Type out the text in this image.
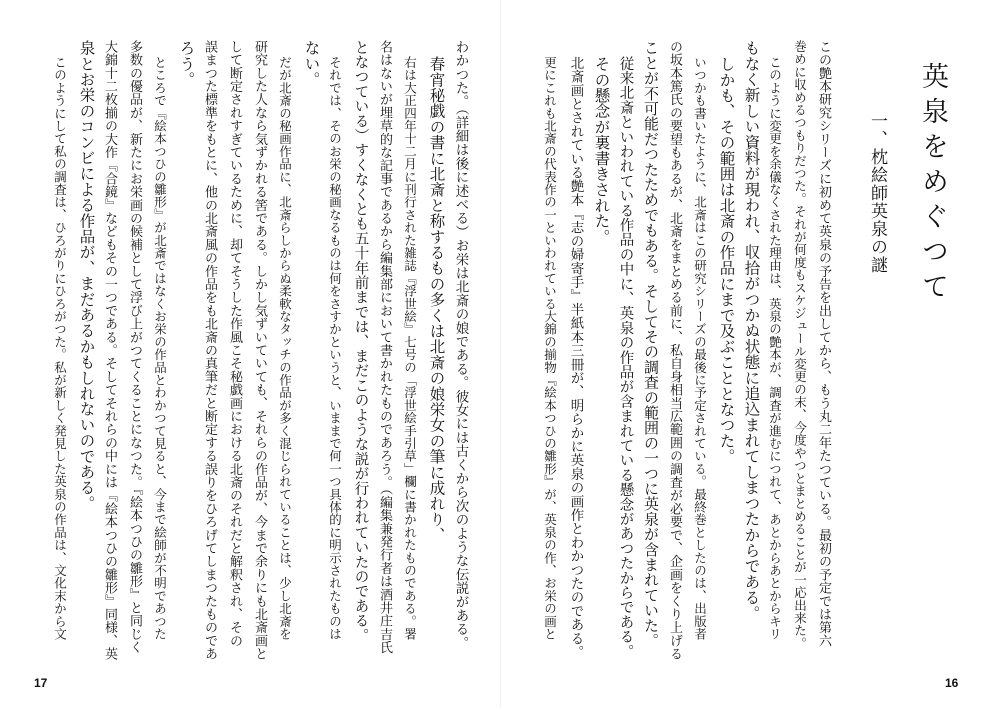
英泉をめぐつて
一、枕絵師英泉の謎
この艶本研究シリーズに初めて英泉の予告を出してから、もう丸二年たつている。最初の予定では第六
巻めに収めるつもりだつた。それが何度もスケジュール変更の末、今度やつとまとめることが一応出来た。
このように変更を余儀なくされた理由は、英泉の艶本が、調査が進むにつれて、あとからあとからキリ
もなく新しい資料が現われ、収拾がつかぬ状態に追込まれてしまつたからである。
しかも、その範囲は北斎の作品にまで及ぶこととなつた。
いつかも書いたように、北斎はこの研究シリーズの最後に予定されている。最終巻としたのは、出版者
の坂本篤氏の要望もあるが、北斎をまとめる前に、私自身相当広範囲の調査が必要で、企画をくり上げる
ことが不可能だつたためでもある。そしてその調査の範囲の一つに英泉が含まれていた。
従来北斎といわれている作品の中に、英泉の作品が含まれている懸念があつたからである。
その懸念が裏書きされた。
北斎画とされている艶本『志の婦寄手』半紙本三冊が、明らかに英泉の画作とわかつたのである。
更にこれも北斎の代表作の一といわれている大錦の揃物『絵本つひの雛形』が、英泉の作、お栄の画と
16
わかつた。（詳細は後に述べる）お栄は北斎の娘である。彼女には古くから次のような伝説がある。
春宵秘戯の書に北斎と称するもの多くは北斎の娘栄女の筆に成れり、
右は大正四年十二月に刊行された雑誌『浮世絵』七号の「浮世絵手引草」欄に書かれたものである。署
名はないが埋草的な記事であるから編集部において書かれたものであろう。（編集兼発行者は酒井庄吉氏
となつている）すくなくとも五十年前までは、まだこのような説が行われていたのである。
それでは、そのお栄の秘画なるものは何をさすかというと、いままで何一つ具体的に明示されたものは
ない。
だが北斎の秘画作品に、北斎らしからぬ柔軟なタッチの作品が多く混じられていることは、少し北斎を
研究した人なら気ずかれる筈である。しかし気ずいていても、それらの作品が、今まで余りにも北斎画と
して断定されすぎているために、却てそうした作風こそ秘戯画における北斎のそれだと解釈され、その
誤まつた標準をもとに、他の北斎風の作品をも北斎の真筆だと断定する誤りをひろげてしまつたものであ
ろう。
ところで『絵本つひの雛形』が北斎ではなくお栄の作品とわかつて見ると、今まで絵師が不明であつた
多数の優品が、新たにお栄画の候補として浮び上がつてくることになつた。『絵本つひの雛形』と同じく
大錦十二枚揃の大作『合鏡』などもその一つである。そしてそれらの中には『絵本つひの雛形』同様、英
泉とお栄のコンビによる作品が、まだあるかもしれないのである。
このようにして私の調査は、ひろがりにひろがつた。私が新しく発見した英泉の作品は、文化末から文
17
